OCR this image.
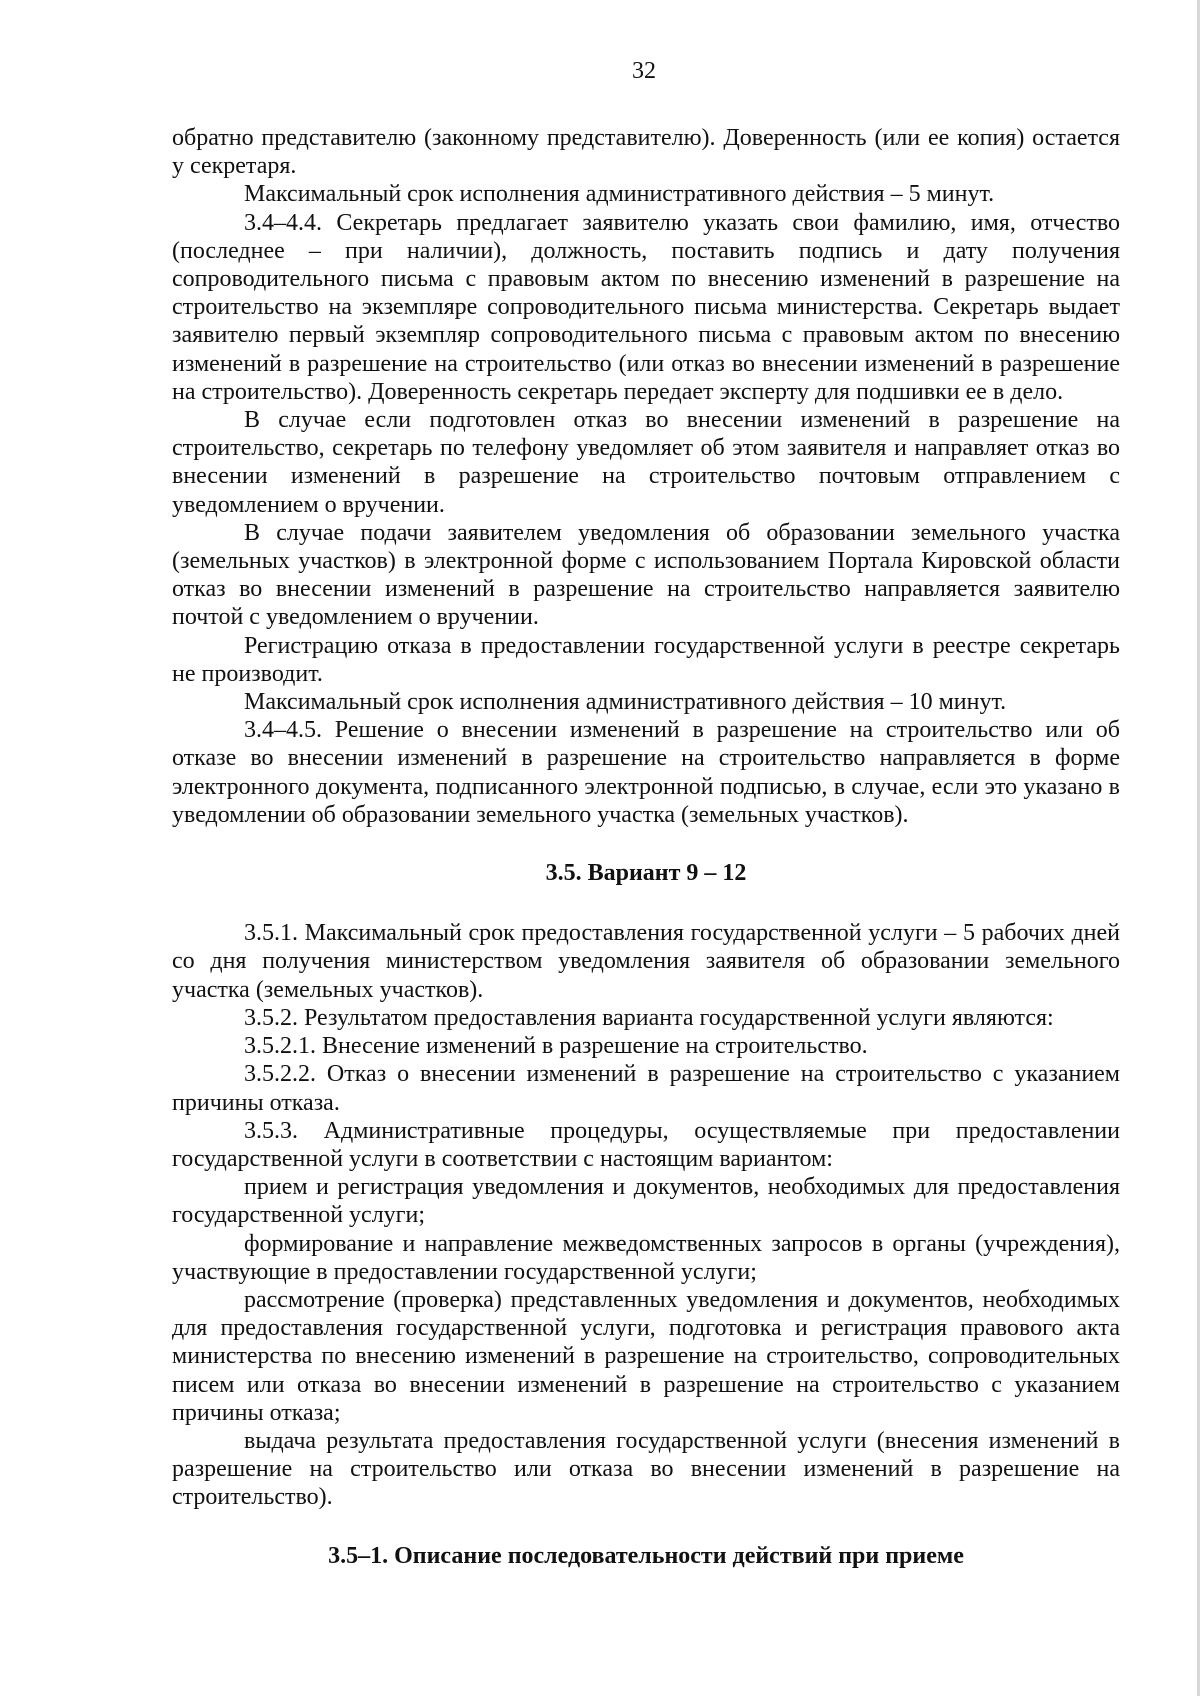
32

обратно представителю (законному представителю). Доверенность (или ее копия) остается у секретаря.

Максимальный срок исполнения административного действия – 5 минут.

3.4–4.4. Секретарь предлагает заявителю указать свои фамилию, имя, отчество (последнее – при наличии), должность, поставить подпись и дату получения сопроводительного письма с правовым актом по внесению изменений в разрешение на строительство на экземпляре сопроводительного письма министерства. Секретарь выдает заявителю первый экземпляр сопроводительного письма с правовым актом по внесению изменений в разрешение на строительство (или отказ во внесении изменений в разрешение на строительство). Доверенность секретарь передает эксперту для подшивки ее в дело.

В случае если подготовлен отказ во внесении изменений в разрешение на строительство, секретарь по телефону уведомляет об этом заявителя и направляет отказ во внесении изменений в разрешение на строительство почтовым отправлением с уведомлением о вручении.

В случае подачи заявителем уведомления об образовании земельного участка (земельных участков) в электронной форме с использованием Портала Кировской области отказ во внесении изменений в разрешение на строительство направляется заявителю почтой с уведомлением о вручении.

Регистрацию отказа в предоставлении государственной услуги в реестре секретарь не производит.

Максимальный срок исполнения административного действия – 10 минут.

3.4–4.5. Решение о внесении изменений в разрешение на строительство или об отказе во внесении изменений в разрешение на строительство направляется в форме электронного документа, подписанного электронной подписью, в случае, если это указано в уведомлении об образовании земельного участка (земельных участков).

3.5. Вариант 9 – 12

3.5.1. Максимальный срок предоставления государственной услуги – 5 рабочих дней со дня получения министерством уведомления заявителя об образовании земельного участка (земельных участков).

3.5.2. Результатом предоставления варианта государственной услуги являются:

3.5.2.1. Внесение изменений в разрешение на строительство.

3.5.2.2. Отказ о внесении изменений в разрешение на строительство с указанием причины отказа.

3.5.3. Административные процедуры, осуществляемые при предоставлении государственной услуги в соответствии с настоящим вариантом:

прием и регистрация уведомления и документов, необходимых для предоставления государственной услуги;

формирование и направление межведомственных запросов в органы (учреждения), участвующие в предоставлении государственной услуги;

рассмотрение (проверка) представленных уведомления и документов, необходимых для предоставления государственной услуги, подготовка и регистрация правового акта министерства по внесению изменений в разрешение на строительство, сопроводительных писем или отказа во внесении изменений в разрешение на строительство с указанием причины отказа;

выдача результата предоставления государственной услуги (внесения изменений в разрешение на строительство или отказа во внесении изменений в разрешение на строительство).

3.5–1. Описание последовательности действий при приеме
